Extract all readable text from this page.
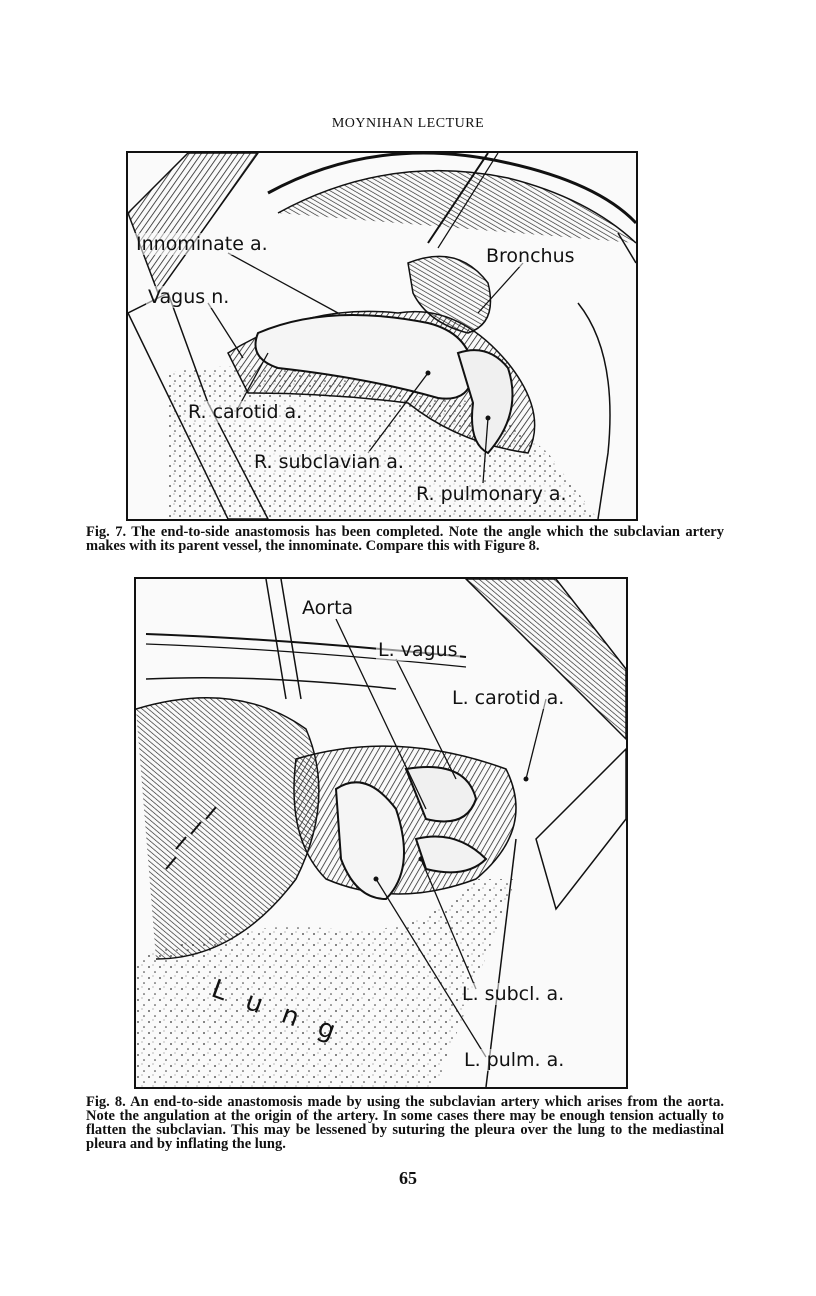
MOYNIHAN LECTURE
Innominate a.
Vagus n.
Bronchus
R. carotid a.
R. subclavian a.
R. pulmonary a.
Fig. 7. The end-to-side anastomosis has been completed. Note the angle which the subclavian artery makes with its parent vessel, the innominate. Compare this with Figure 8.
Aorta
L. vagus
L. carotid a.
L. subcl. a.
L. pulm. a.
Lung
Fig. 8. An end-to-side anastomosis made by using the subclavian artery which arises from the aorta. Note the angulation at the origin of the artery. In some cases there may be enough tension actually to flatten the subclavian. This may be lessened by suturing the pleura over the lung to the mediastinal pleura and by inflating the lung.
65
